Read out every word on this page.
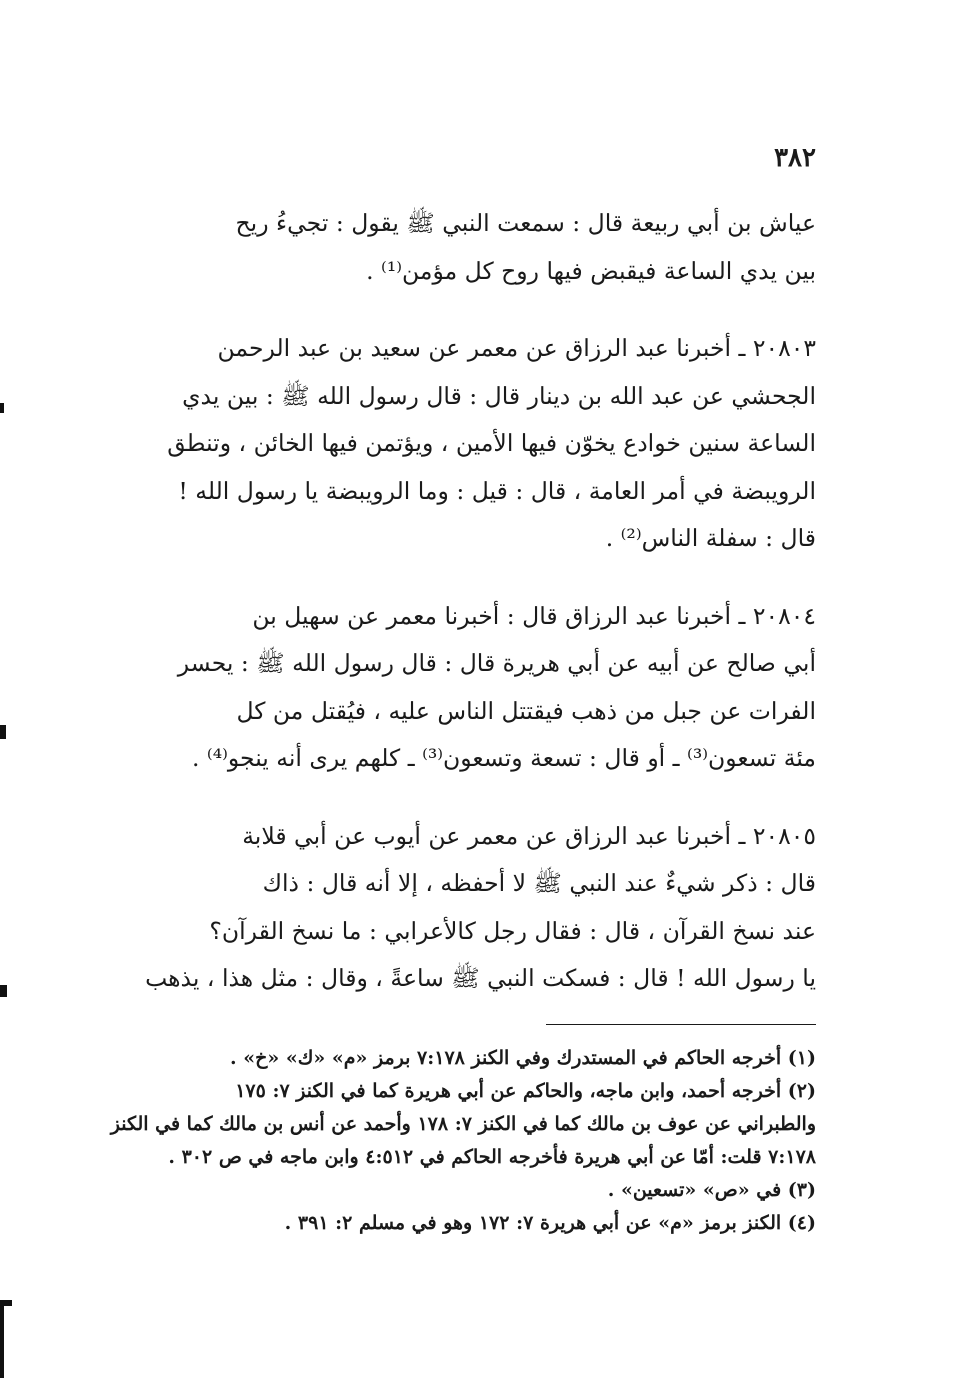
٣٨٢

عياش بن أبي ربيعة قال : سمعت النبي ﷺ يقول : تجيءُ ريح
بين يدي الساعة فيقبض فيها روح كل مؤمن⁽¹⁾ .

٢٠٨٠٣ ـ أخبرنا عبد الرزاق عن معمر عن سعيد بن عبد الرحمن
الجحشي عن عبد الله بن دينار قال : قال رسول الله ﷺ : بين يدي
الساعة سنين خوادع يخوّن فيها الأمين ، ويؤتمن فيها الخائن ، وتنطق
الرويبضة في أمر العامة ، قال : قيل : وما الرويبضة يا رسول الله !
قال : سفلة الناس⁽²⁾ .

٢٠٨٠٤ ـ أخبرنا عبد الرزاق قال : أخبرنا معمر عن سهيل بن
أبي صالح عن أبيه عن أبي هريرة قال : قال رسول الله ﷺ : يحسر
الفرات عن جبل من ذهب فيقتتل الناس عليه ، فيُقتل من كل
مئة تسعون⁽³⁾ ـ أو قال : تسعة وتسعون⁽³⁾ ـ كلهم يرى أنه ينجو⁽⁴⁾ .

٢٠٨٠٥ ـ أخبرنا عبد الرزاق عن معمر عن أيوب عن أبي قلابة
قال : ذكر شيءٌ عند النبي ﷺ لا أحفظه ، إلا أنه قال : ذاك
عند نسخ القرآن ، قال : فقال رجل كالأعرابي : ما نسخ القرآن؟
يا رسول الله ! قال : فسكت النبي ﷺ ساعةً ، وقال : مثل هذا ، يذهب

(١) أخرجه الحاكم في المستدرك وفي الكنز ٧:١٧٨ برمز «م» «ك» «خ» .

(٢) أخرجه أحمد، وابن ماجه، والحاكم عن أبي هريرة كما في الكنز ٧: ١٧٥
والطبراني عن عوف بن مالك كما في الكنز ٧: ١٧٨ وأحمد عن أنس بن مالك كما في الكنز
٧:١٧٨ قلت: أمّا عن أبي هريرة فأخرجه الحاكم في ٤:٥١٢ وابن ماجه في ص ٣٠٢ .

(٣) في «ص» «تسعين» .

(٤) الكنز برمز «م» عن أبي هريرة ٧: ١٧٢ وهو في مسلم ٢: ٣٩١ .
